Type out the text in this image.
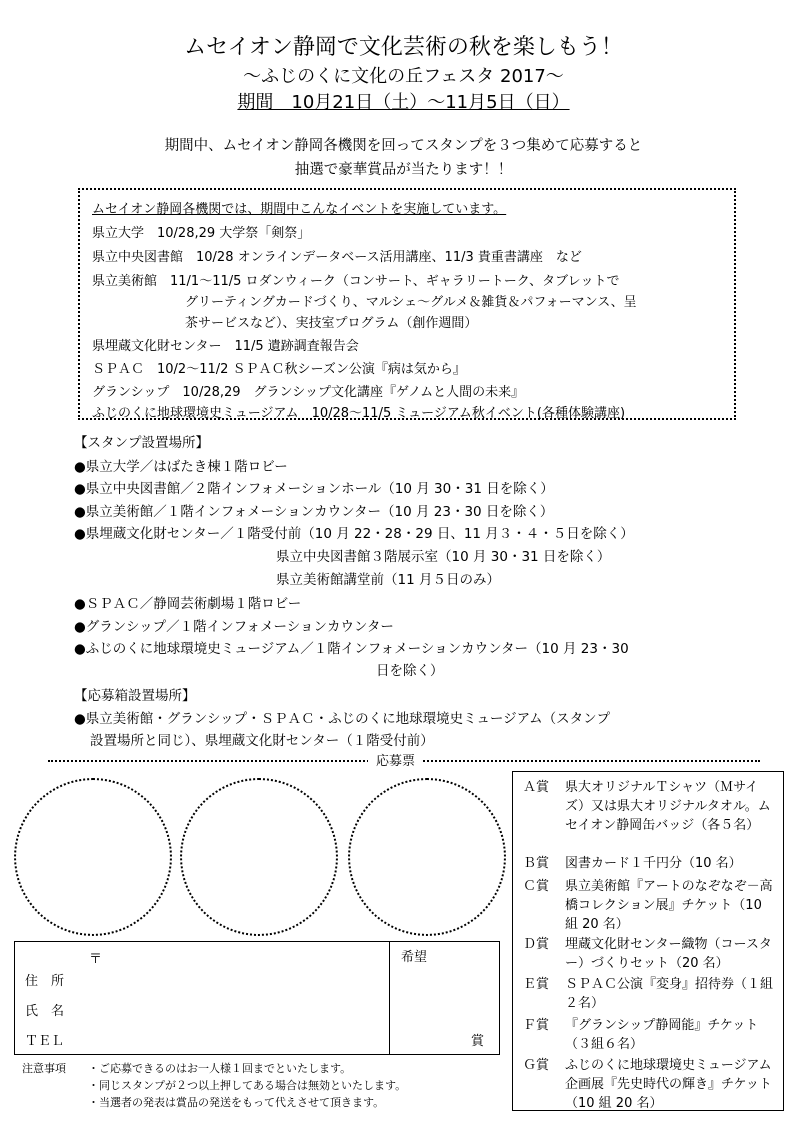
ムセイオン静岡で文化芸術の秋を楽しもう！
～ふじのくに文化の丘フェスタ 2017～
期間　10月21日（土）～11月5日（日）
期間中、ムセイオン静岡各機関を回ってスタンプを３つ集めて応募すると
抽選で豪華賞品が当たります！！
ムセイオン静岡各機関では、期間中こんなイベントを実施しています。
県立大学　10/28,29 大学祭「剣祭」
県立中央図書館　10/28 オンラインデータベース活用講座、11/3 貴重書講座　など
県立美術館　11/1～11/5 ロダンウィーク（コンサート、ギャラリートーク、タブレットで
グリーティングカードづくり、マルシェ～グルメ＆雑貨＆パフォーマンス、呈
茶サービスなど）、実技室プログラム（創作週間）
県埋蔵文化財センター　11/5 遺跡調査報告会
ＳＰＡＣ　10/2～11/2 ＳＰＡＣ秋シーズン公演『病は気から』
グランシップ　10/28,29　グランシップ文化講座『ゲノムと人間の未来』
ふじのくに地球環境史ミュージアム　10/28～11/5 ミュージアム秋イベント(各種体験講座)
【スタンプ設置場所】
●県立大学／はばたき棟１階ロビー
●県立中央図書館／２階インフォメーションホール（10 月 30・31 日を除く）
●県立美術館／１階インフォメーションカウンター（10 月 23・30 日を除く）
●県埋蔵文化財センター／１階受付前（10 月 22・28・29 日、11 月３・４・５日を除く）
県立中央図書館３階展示室（10 月 30・31 日を除く）
県立美術館講堂前（11 月５日のみ）
●ＳＰＡＣ／静岡芸術劇場１階ロビー
●グランシップ／１階インフォメーションカウンター
●ふじのくに地球環境史ミュージアム／１階インフォメーションカウンター（10 月 23・30
日を除く）
【応募箱設置場所】
●県立美術館・グランシップ・ＳＰＡＣ・ふじのくに地球環境史ミュージアム（スタンプ
設置場所と同じ）、県埋蔵文化財センター（１階受付前）
応募票
〒
住　所
氏　名
ＴＥＬ
希望
賞
Ａ賞	県大オリジナルＴシャツ（Ｍサイズ）又は県大オリジナルタオル。ムセイオン静岡缶バッジ（各５名）
Ｂ賞	図書カード１千円分（10 名）
Ｃ賞	県立美術館『アートのなぞなぞ－高橋コレクション展』チケット（10 組 20 名）
Ｄ賞	埋蔵文化財センター織物（コースター）づくりセット（20 名）
Ｅ賞	ＳＰＡＣ公演『変身』招待券（１組２名）
Ｆ賞	『グランシップ静岡能』チケット（３組６名）
Ｇ賞	ふじのくに地球環境史ミュージアム企画展『先史時代の輝き』チケット（10 組 20 名）
注意事項 ・ご応募できるのはお一人様１回までといたします。
・同じスタンプが２つ以上押してある場合は無効といたします。
・当選者の発表は賞品の発送をもって代えさせて頂きます。
